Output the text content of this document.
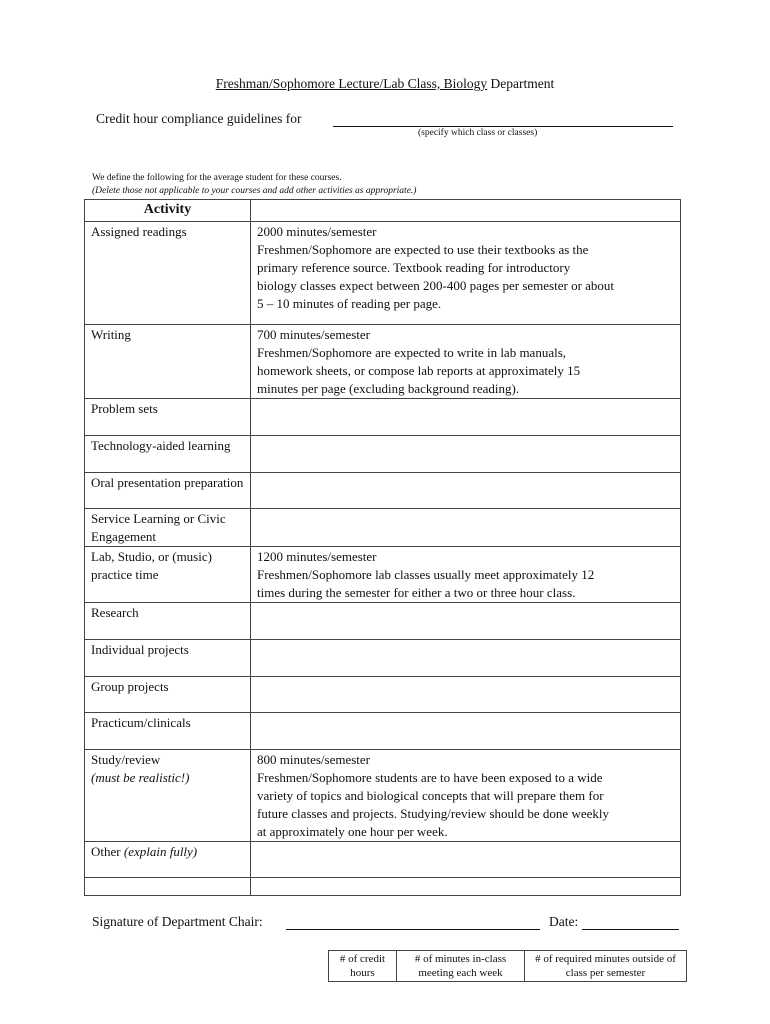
Freshman/Sophomore Lecture/Lab Class, Biology Department
Credit hour compliance guidelines for
(specify which class or classes)
We define the following for the average student for these courses.
(Delete those not applicable to your courses and add other activities as appropriate.)
Activity	
Assigned readings	2000 minutes/semester
Freshmen/Sophomore are expected to use their textbooks as the
primary reference source. Textbook reading for introductory
biology classes expect between 200-400 pages per semester or about
5 – 10 minutes of reading per page.

Writing	700 minutes/semester
Freshmen/Sophomore are expected to write in lab manuals,
homework sheets, or compose lab reports at approximately 15
minutes per page (excluding background reading).

Problem sets	
Technology-aided learning	
Oral presentation preparation	
Service Learning or Civic Engagement	
Lab, Studio, or (music) practice time	1200 minutes/semester
Freshmen/Sophomore lab classes usually meet approximately 12
times during the semester for either a two or three hour class.

Research	
Individual projects	
Group projects	
Practicum/clinicals	
Study/review
(must be realistic!)	800 minutes/semester
Freshmen/Sophomore students are to have been exposed to a wide
variety of topics and biological concepts that will prepare them for
future classes and projects. Studying/review should be done weekly
at approximately one hour per week.

Other (explain fully)	

Signature of Department Chair:	Date:
# of credit hours	# of minutes in-class meeting each week	# of required minutes outside of class per semester
